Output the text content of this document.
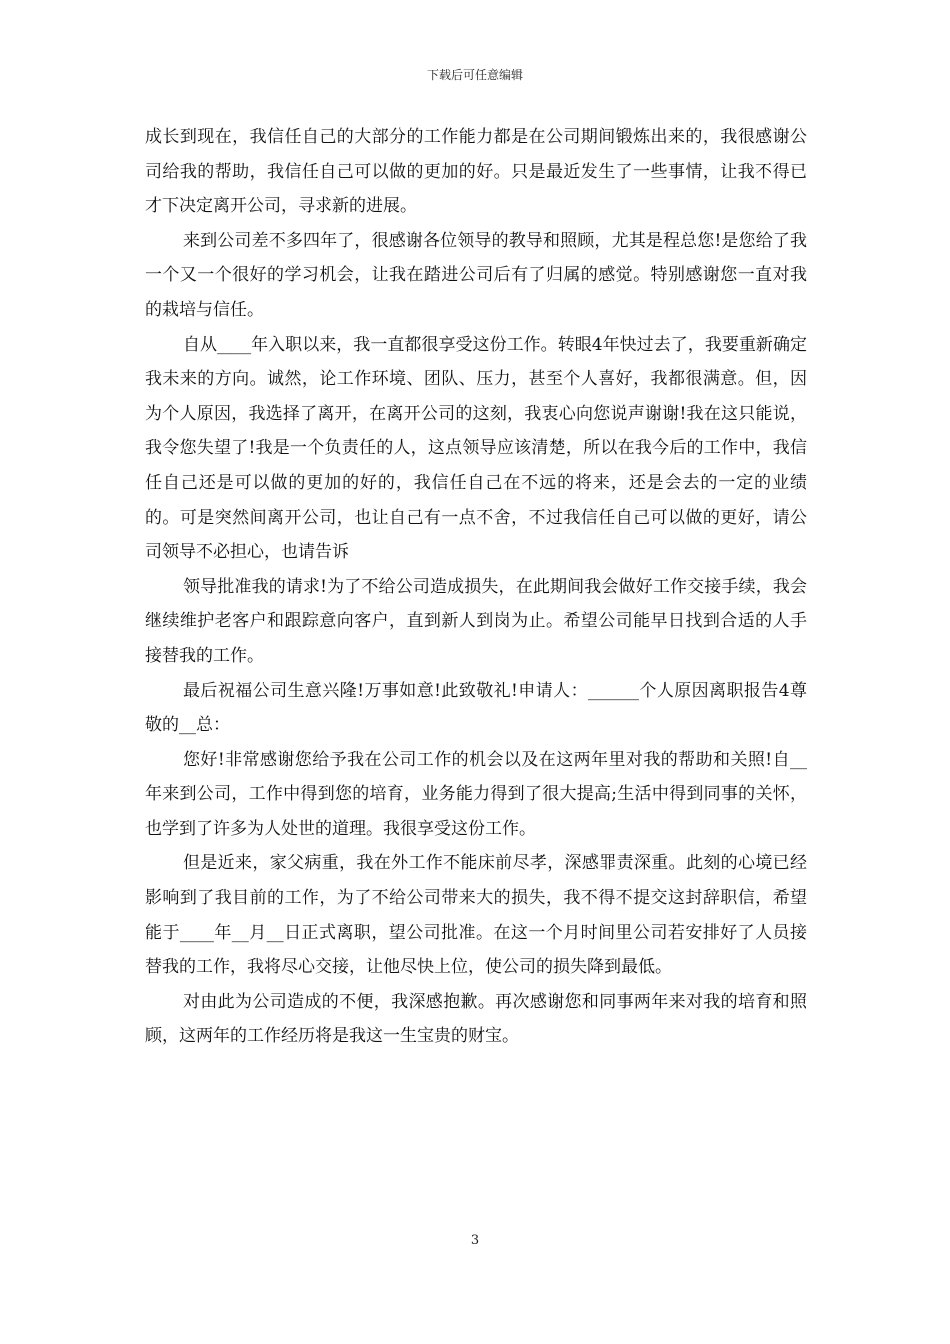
下载后可任意编辑

成长到现在，我信任自己的大部分的工作能力都是在公司期间锻炼出来的，我很感谢公司给我的帮助，我信任自己可以做的更加的好。只是最近发生了一些事情，让我不得已才下决定离开公司，寻求新的进展。

来到公司差不多四年了，很感谢各位领导的教导和照顾，尤其是程总您!是您给了我一个又一个很好的学习机会，让我在踏进公司后有了归属的感觉。特别感谢您一直对我的栽培与信任。

自从____年入职以来，我一直都很享受这份工作。转眼4年快过去了，我要重新确定我未来的方向。诚然，论工作环境、团队、压力，甚至个人喜好，我都很满意。但，因为个人原因，我选择了离开，在离开公司的这刻，我衷心向您说声谢谢!我在这只能说，我令您失望了!我是一个负责任的人，这点领导应该清楚，所以在我今后的工作中，我信任自己还是可以做的更加的好的，我信任自己在不远的将来，还是会去的一定的业绩的。可是突然间离开公司，也让自己有一点不舍，不过我信任自己可以做的更好，请公司领导不必担心，也请告诉

领导批准我的请求!为了不给公司造成损失，在此期间我会做好工作交接手续，我会继续维护老客户和跟踪意向客户，直到新人到岗为止。希望公司能早日找到合适的人手接替我的工作。

最后祝福公司生意兴隆!万事如意!此致敬礼!申请人：______个人原因离职报告4尊敬的__总：

您好!非常感谢您给予我在公司工作的机会以及在这两年里对我的帮助和关照!自__年来到公司，工作中得到您的培育，业务能力得到了很大提高;生活中得到同事的关怀，也学到了许多为人处世的道理。我很享受这份工作。

但是近来，家父病重，我在外工作不能床前尽孝，深感罪责深重。此刻的心境已经影响到了我目前的工作，为了不给公司带来大的损失，我不得不提交这封辞职信，希望能于____年__月__日正式离职，望公司批准。在这一个月时间里公司若安排好了人员接替我的工作，我将尽心交接，让他尽快上位，使公司的损失降到最低。

对由此为公司造成的不便，我深感抱歉。再次感谢您和同事两年来对我的培育和照顾，这两年的工作经历将是我这一生宝贵的财宝。

3
